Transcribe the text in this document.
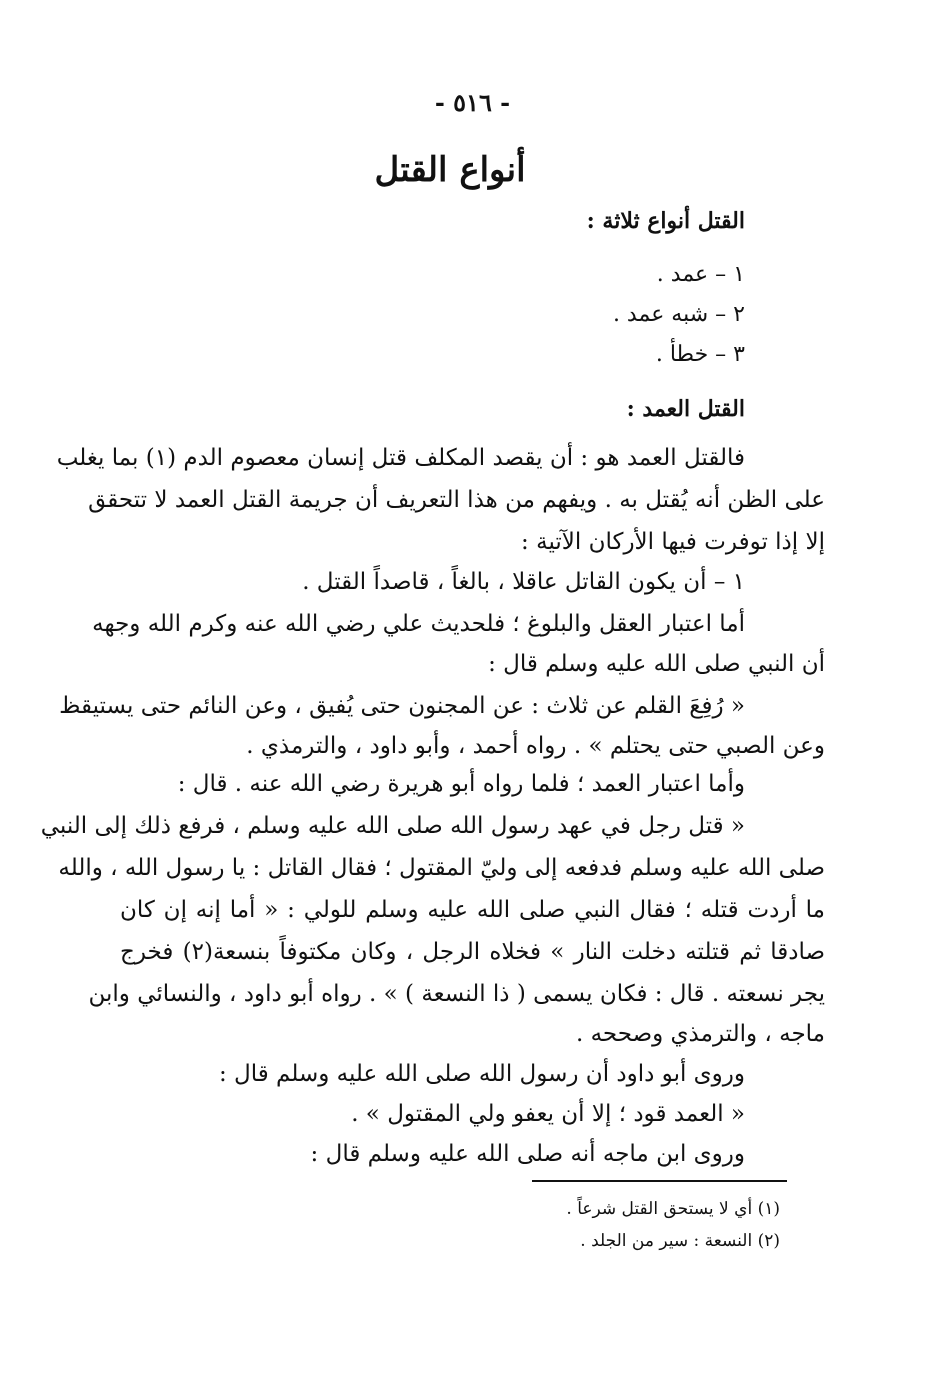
- ٥١٦ -
أنواع القتل
القتل أنواع ثلاثة :
١ – عمد .
٢ – شبه عمد .
٣ – خطأ .
القتل العمد :
فالقتل العمد هو : أن يقصد المكلف قتل إنسان معصوم الدم (١) بما يغلب
على الظن أنه يُقتل به . ويفهم من هذا التعريف أن جريمة القتل العمد لا تتحقق
إلا إذا توفرت فيها الأركان الآتية :
١ – أن يكون القاتل عاقلا ، بالغاً ، قاصداً القتل .
أما اعتبار العقل والبلوغ ؛ فلحديث علي رضي الله عنه وكرم الله وجهه
أن النبي صلى الله عليه وسلم قال :
« رُفِعَ القلم عن ثلاث : عن المجنون حتى يُفيق ، وعن النائم حتى يستيقظ
وعن الصبي حتى يحتلم » . رواه أحمد ، وأبو داود ، والترمذي .
وأما اعتبار العمد ؛ فلما رواه أبو هريرة رضي الله عنه . قال :
« قتل رجل في عهد رسول الله صلى الله عليه وسلم ، فرفع ذلك إلى النبي
صلى الله عليه وسلم فدفعه إلى وليّ المقتول ؛ فقال القاتل : يا رسول الله ، والله
ما أردت قتله ؛ فقال النبي صلى الله عليه وسلم للولي : « أما إنه إن كان
صادقا ثم قتلته دخلت النار » فخلاه الرجل ، وكان مكتوفاً بنسعة(٢) فخرج
يجر نسعته . قال : فكان يسمى ( ذا النسعة ) » . رواه أبو داود ، والنسائي وابن
ماجه ، والترمذي وصححه .
وروى أبو داود أن رسول الله صلى الله عليه وسلم قال :
« العمد قود ؛ إلا أن يعفو ولي المقتول » .
وروى ابن ماجه أنه صلى الله عليه وسلم قال :
(١) أي لا يستحق القتل شرعاً .
(٢) النسعة : سير من الجلد .
